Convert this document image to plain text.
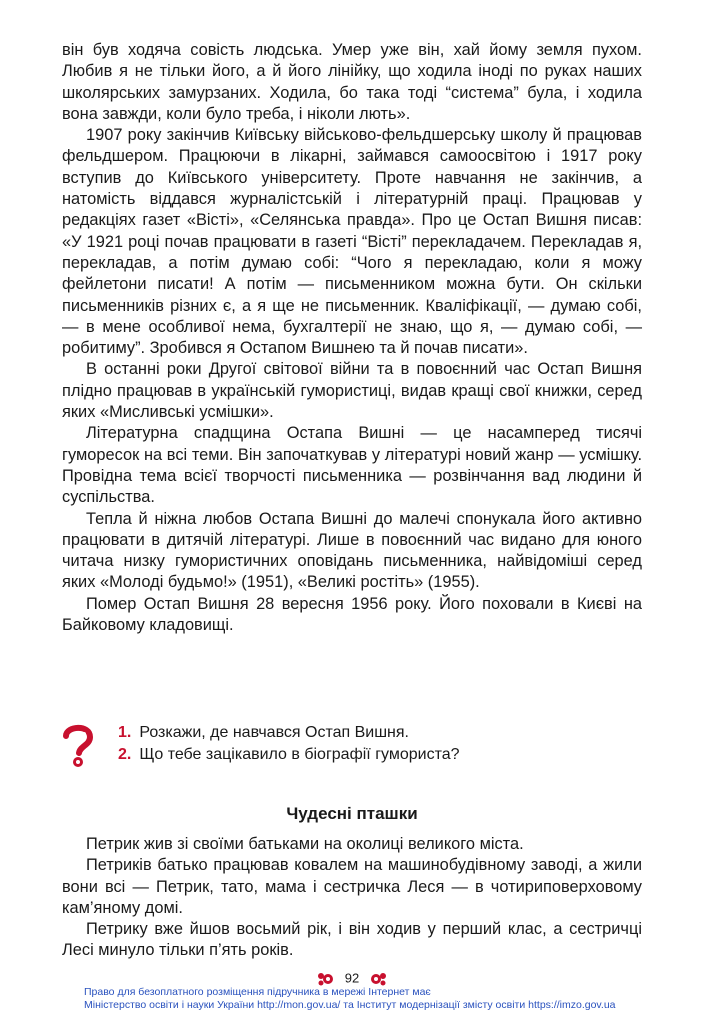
він був ходяча совість людська. Умер уже він, хай йому земля пухом. Любив я не тільки його, а й його лінійку, що ходила іноді по руках наших школярських замурзаних. Ходила, бо така тоді “система” була, і ходила вона завжди, коли було треба, і ніколи лють».

1907 року закінчив Київську військово-фельдшерську школу й працював фельдшером. Працюючи в лікарні, займався самоосвітою і 1917 року вступив до Київського університету. Проте навчання не закінчив, а натомість віддався журналістській і літературній праці. Працював у редакціях газет «Вісті», «Селянська правда». Про це Остап Вишня писав: «У 1921 році почав працювати в газеті “Вісті” перекладачем. Перекладав я, перекладав, а потім думаю собі: “Чого я перекладаю, коли я можу фейлетони писати! А потім — письменником можна бути. Он скільки письменників різних є, а я ще не письменник. Кваліфікації, — думаю собі, — в мене особливої нема, бухгалтерії не знаю, що я, — думаю собі, — робитиму”. Зробився я Остапом Вишнею та й почав писати».

В останні роки Другої світової війни та в повоєнний час Остап Вишня плідно працював в українській гумористиці, видав кращі свої книжки, серед яких «Мисливські усмішки».

Літературна спадщина Остапа Вишні — це насамперед тисячі гуморесок на всі теми. Він започаткував у літературі новий жанр — усмішку. Провідна тема всієї творчості письменника — розвінчання вад людини й суспільства.

Тепла й ніжна любов Остапа Вишні до малечі спонукала його активно працювати в дитячій літературі. Лише в повоєнний час видано для юного читача низку гумористичних оповідань письменника, найвідоміші серед яких «Молоді будьмо!» (1951), «Великі ростіть» (1955).

Помер Остап Вишня 28 вересня 1956 року. Його поховали в Києві на Байковому кладовищі.

1. Розкажи, де навчався Остап Вишня.
2. Що тебе зацікавило в біографії гумориста?
Чудесні пташки

Петрик жив зі своїми батьками на околиці великого міста.

Петриків батько працював ковалем на машинобудівному заводі, а жили вони всі — Петрик, тато, мама і сестричка Леся — в чотириповерховому кам’яному домі.

Петрику вже йшов восьмий рік, і він ходив у перший клас, а сестричці Лесі минуло тільки п’ять років.

92
Право для безоплатного розміщення підручника в мережі Інтернет має
Міністерство освіти і науки України http://mon.gov.ua/ та Інститут модернізації змісту освіти https://imzo.gov.ua
